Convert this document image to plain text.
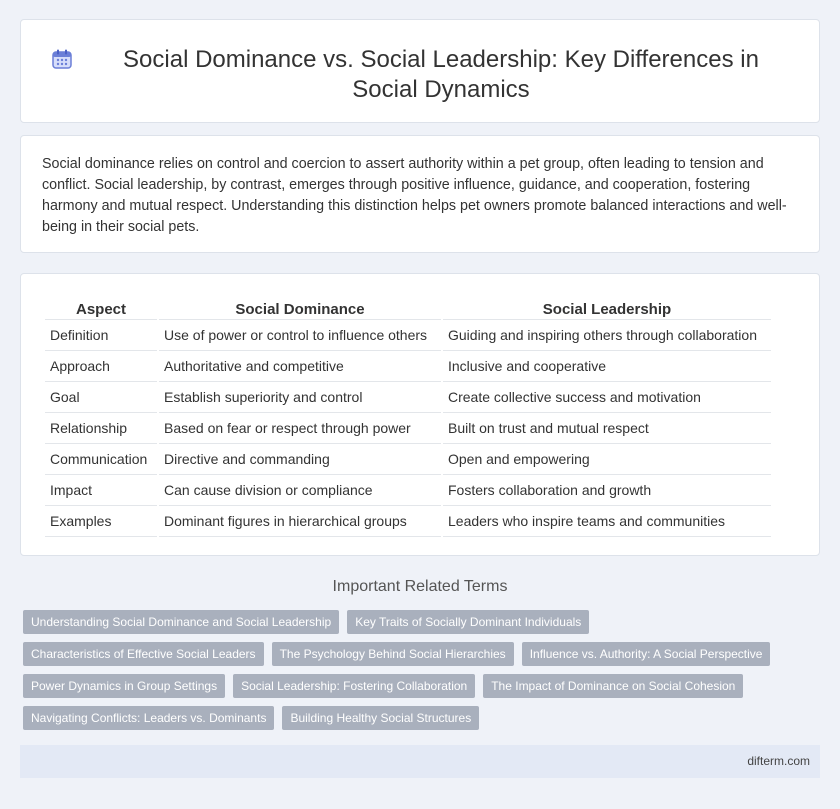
Social Dominance vs. Social Leadership: Key Differences in Social Dynamics

Social dominance relies on control and coercion to assert authority within a pet group, often leading to tension and conflict. Social leadership, by contrast, emerges through positive influence, guidance, and cooperation, fostering harmony and mutual respect. Understanding this distinction helps pet owners promote balanced interactions and well-being in their social pets.

Aspect	Social Dominance	Social Leadership
Definition	Use of power or control to influence others	Guiding and inspiring others through collaboration
Approach	Authoritative and competitive	Inclusive and cooperative
Goal	Establish superiority and control	Create collective success and motivation
Relationship	Based on fear or respect through power	Built on trust and mutual respect
Communication	Directive and commanding	Open and empowering
Impact	Can cause division or compliance	Fosters collaboration and growth
Examples	Dominant figures in hierarchical groups	Leaders who inspire teams and communities
Important Related Terms
Understanding Social Dominance and Social Leadership	Key Traits of Socially Dominant Individuals
Characteristics of Effective Social Leaders	The Psychology Behind Social Hierarchies	Influence vs. Authority: A Social Perspective
Power Dynamics in Group Settings	Social Leadership: Fostering Collaboration	The Impact of Dominance on Social Cohesion
Navigating Conflicts: Leaders vs. Dominants	Building Healthy Social Structures
difterm.com
